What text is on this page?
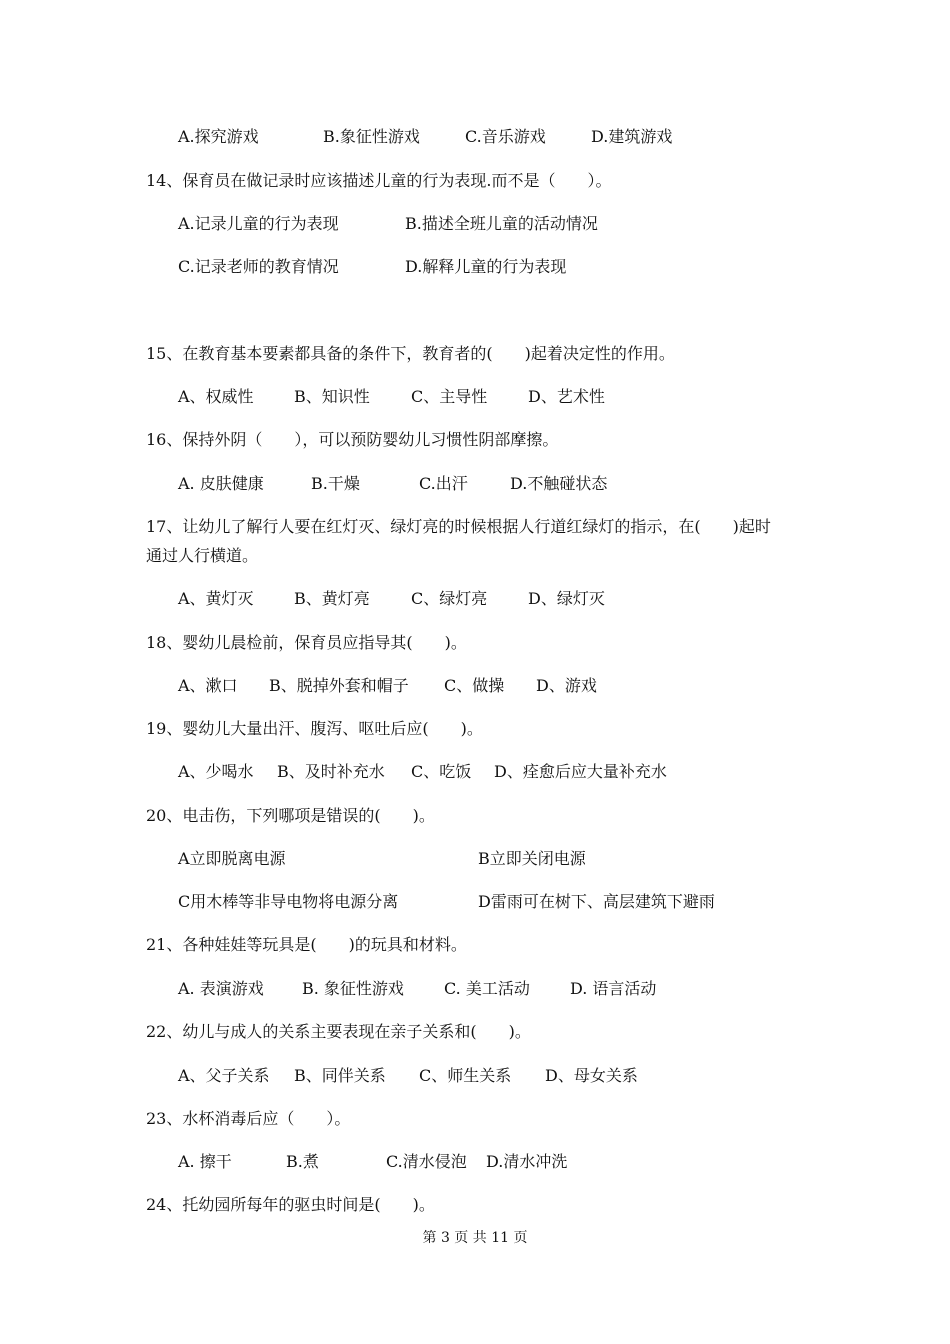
A.探究游戏	B.象征性游戏	C.音乐游戏	D.建筑游戏
14、保育员在做记录时应该描述儿童的行为表现.而不是（　　）。
A.记录儿童的行为表现	B.描述全班儿童的活动情况
C.记录老师的教育情况	D.解释儿童的行为表现
15、在教育基本要素都具备的条件下，教育者的(　　)起着决定性的作用。
A、权威性	B、知识性	C、主导性	D、艺术性
16、保持外阴（　　），可以预防婴幼儿习惯性阴部摩擦。
A. 皮肤健康	B.干燥	C.出汗	D.不触碰状态
17、让幼儿了解行人要在红灯灭、绿灯亮的时候根据人行道红绿灯的指示，在(　　)起时
通过人行横道。
A、黄灯灭	B、黄灯亮	C、绿灯亮	D、绿灯灭
18、婴幼儿晨检前，保育员应指导其(　　)。
A、漱口 B、脱掉外套和帽子 C、做操 D、游戏
19、婴幼儿大量出汗、腹泻、呕吐后应(　　)。
A、少喝水 B、及时补充水 C、吃饭 D、痊愈后应大量补充水
20、电击伤，下列哪项是错误的(　　)。
A立即脱离电源	B立即关闭电源
C用木棒等非导电物将电源分离	D雷雨可在树下、高层建筑下避雨
21、各种娃娃等玩具是(　　)的玩具和材料。
A. 表演游戏 B. 象征性游戏	C. 美工活动	D. 语言活动
22、幼儿与成人的关系主要表现在亲子关系和(　　)。
A、父子关系 B、同伴关系 C、师生关系 D、母女关系
23、水杯消毒后应（　　）。
A. 擦干	B.煮	C.清水侵泡 D.清水冲洗
24、托幼园所每年的驱虫时间是(　　)。
第 3 页 共 11 页
